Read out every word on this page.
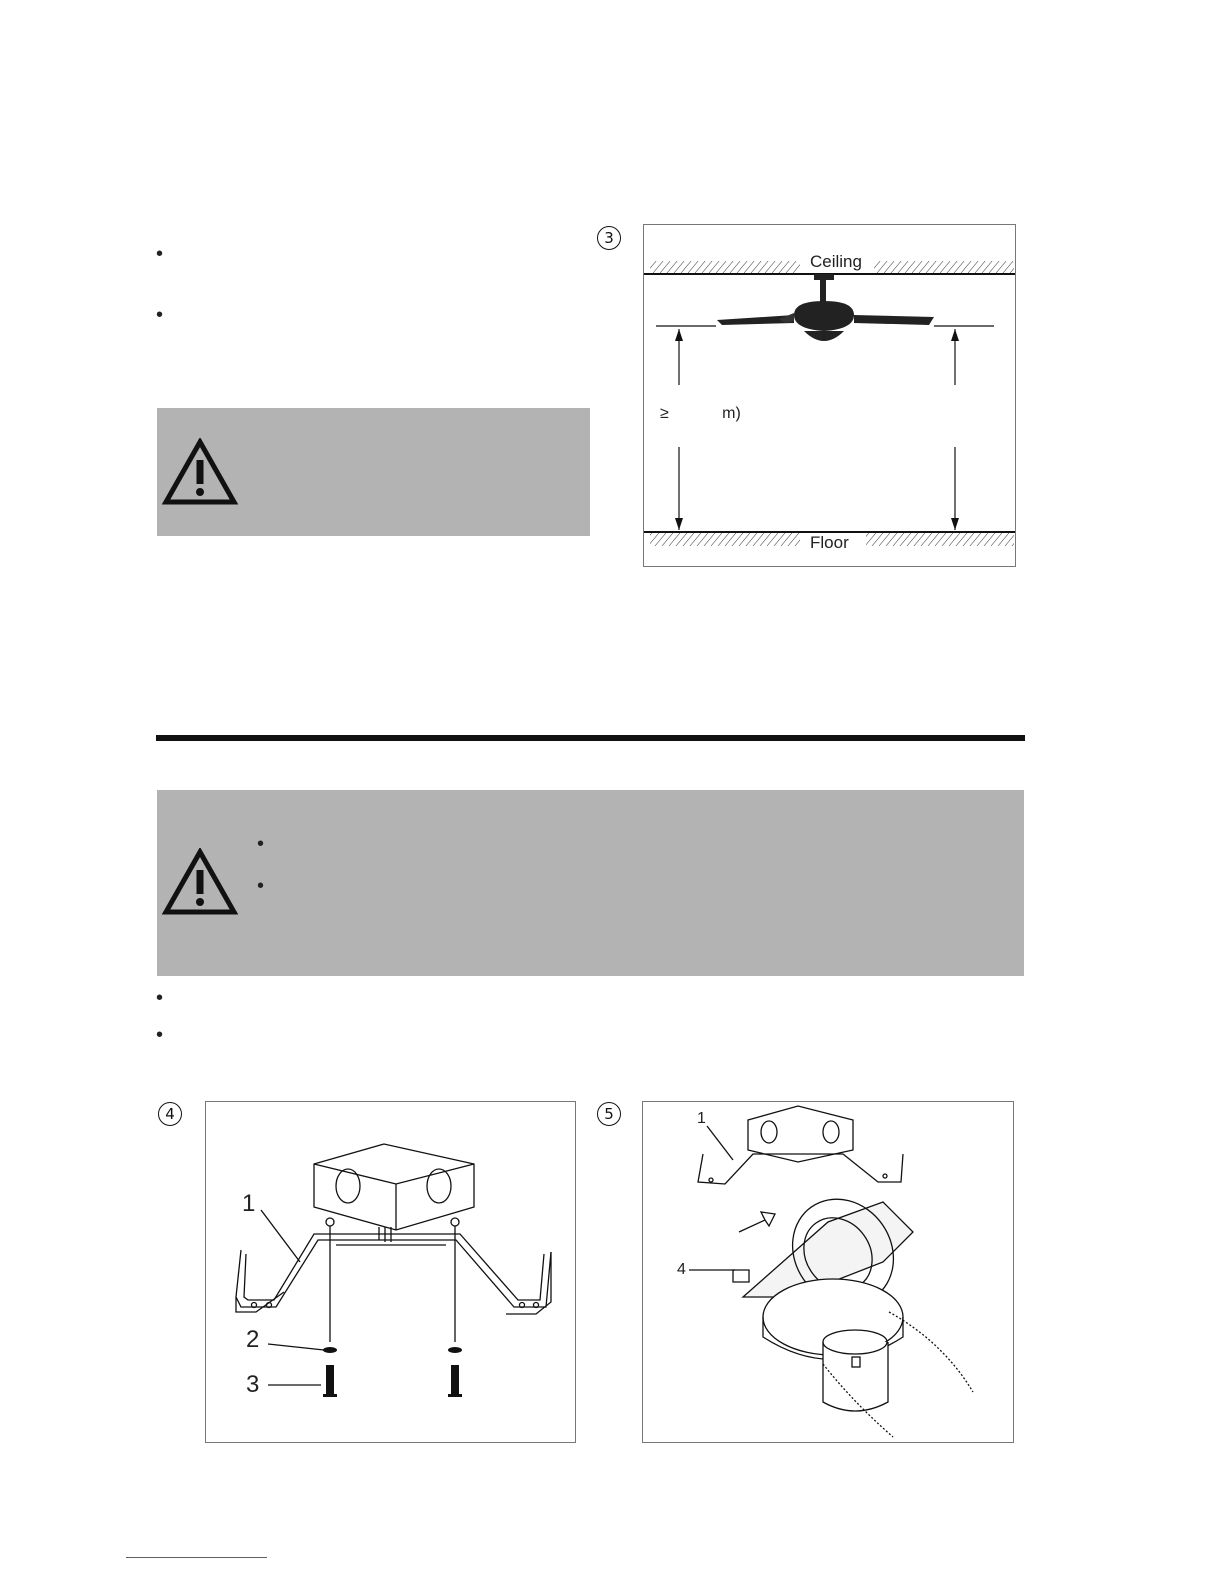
•
•
3
Ceiling
Floor
≥            m)
•
•
•
•
4
1
2
3
5	1
4
